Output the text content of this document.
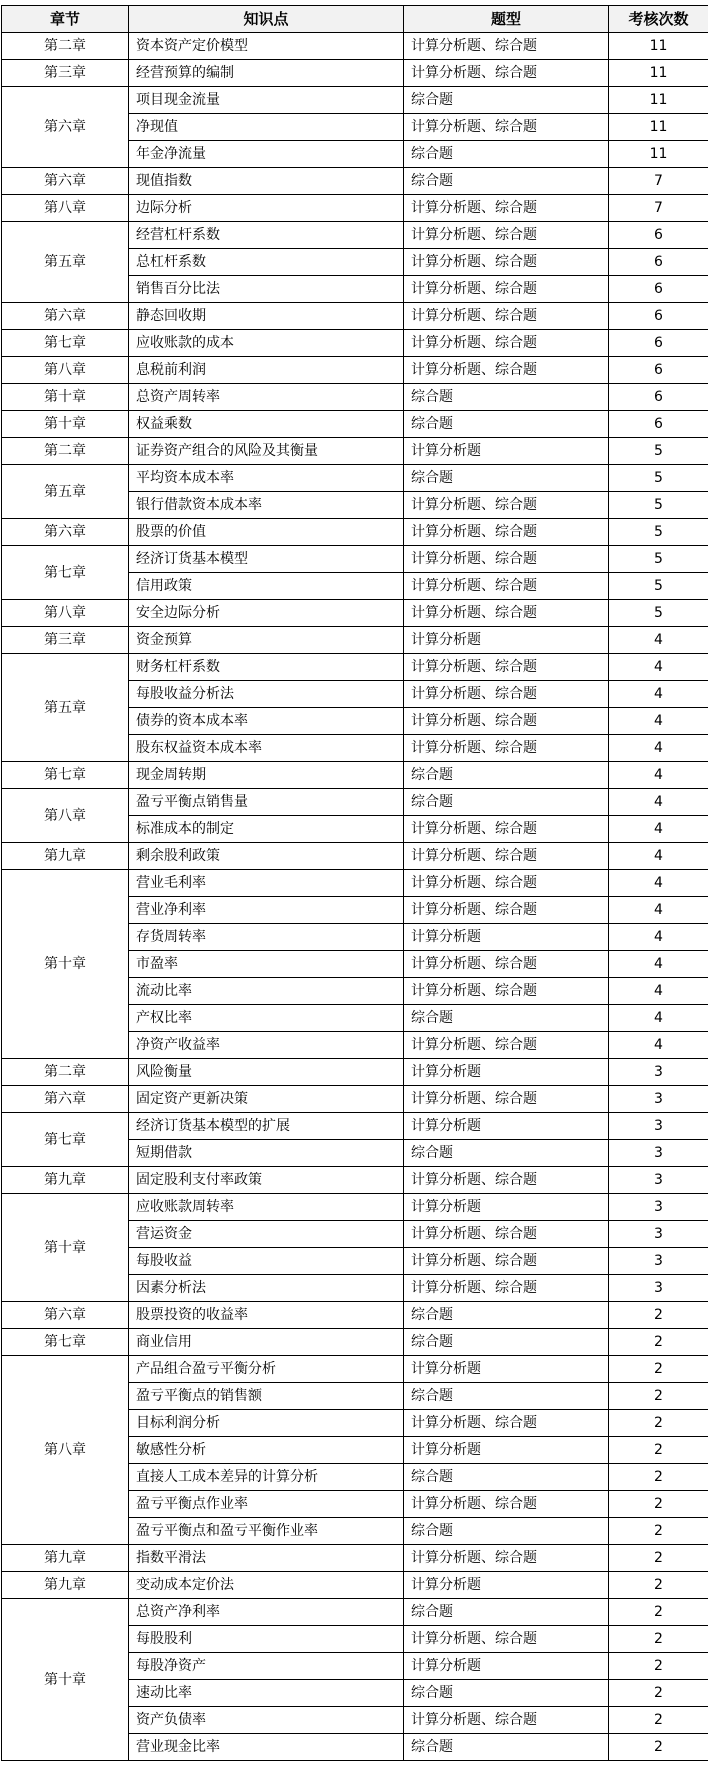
章节	知识点	题型	考核次数
第二章	资本资产定价模型	计算分析题、综合题	11
第三章	经营预算的编制	计算分析题、综合题	11
第六章	项目现金流量	综合题	11
	净现值	计算分析题、综合题	11
	年金净流量	综合题	11
第六章	现值指数	综合题	7
第八章	边际分析	计算分析题、综合题	7
第五章	经营杠杆系数	计算分析题、综合题	6
	总杠杆系数	计算分析题、综合题	6
	销售百分比法	计算分析题、综合题	6
第六章	静态回收期	计算分析题、综合题	6
第七章	应收账款的成本	计算分析题、综合题	6
第八章	息税前利润	计算分析题、综合题	6
第十章	总资产周转率	综合题	6
第十章	权益乘数	综合题	6
第二章	证券资产组合的风险及其衡量	计算分析题	5
第五章	平均资本成本率	综合题	5
	银行借款资本成本率	计算分析题、综合题	5
第六章	股票的价值	计算分析题、综合题	5
第七章	经济订货基本模型	计算分析题、综合题	5
	信用政策	计算分析题、综合题	5
第八章	安全边际分析	计算分析题、综合题	5
第三章	资金预算	计算分析题	4
第五章	财务杠杆系数	计算分析题、综合题	4
	每股收益分析法	计算分析题、综合题	4
	债券的资本成本率	计算分析题、综合题	4
	股东权益资本成本率	计算分析题、综合题	4
第七章	现金周转期	综合题	4
第八章	盈亏平衡点销售量	综合题	4
	标准成本的制定	计算分析题、综合题	4
第九章	剩余股利政策	计算分析题、综合题	4
第十章	营业毛利率	计算分析题、综合题	4
	营业净利率	计算分析题、综合题	4
	存货周转率	计算分析题	4
	市盈率	计算分析题、综合题	4
	流动比率	计算分析题、综合题	4
	产权比率	综合题	4
	净资产收益率	计算分析题、综合题	4
第二章	风险衡量	计算分析题	3
第六章	固定资产更新决策	计算分析题、综合题	3
第七章	经济订货基本模型的扩展	计算分析题	3
	短期借款	综合题	3
第九章	固定股利支付率政策	计算分析题、综合题	3
第十章	应收账款周转率	计算分析题	3
	营运资金	计算分析题、综合题	3
	每股收益	计算分析题、综合题	3
	因素分析法	计算分析题、综合题	3
第六章	股票投资的收益率	综合题	2
第七章	商业信用	综合题	2
第八章	产品组合盈亏平衡分析	计算分析题	2
	盈亏平衡点的销售额	综合题	2
	目标利润分析	计算分析题、综合题	2
	敏感性分析	计算分析题	2
	直接人工成本差异的计算分析	综合题	2
	盈亏平衡点作业率	计算分析题、综合题	2
	盈亏平衡点和盈亏平衡作业率	综合题	2
第九章	指数平滑法	计算分析题、综合题	2
第九章	变动成本定价法	计算分析题	2
第十章	总资产净利率	综合题	2
	每股股利	计算分析题、综合题	2
	每股净资产	计算分析题	2
	速动比率	综合题	2
	资产负债率	计算分析题、综合题	2
	营业现金比率	综合题	2
